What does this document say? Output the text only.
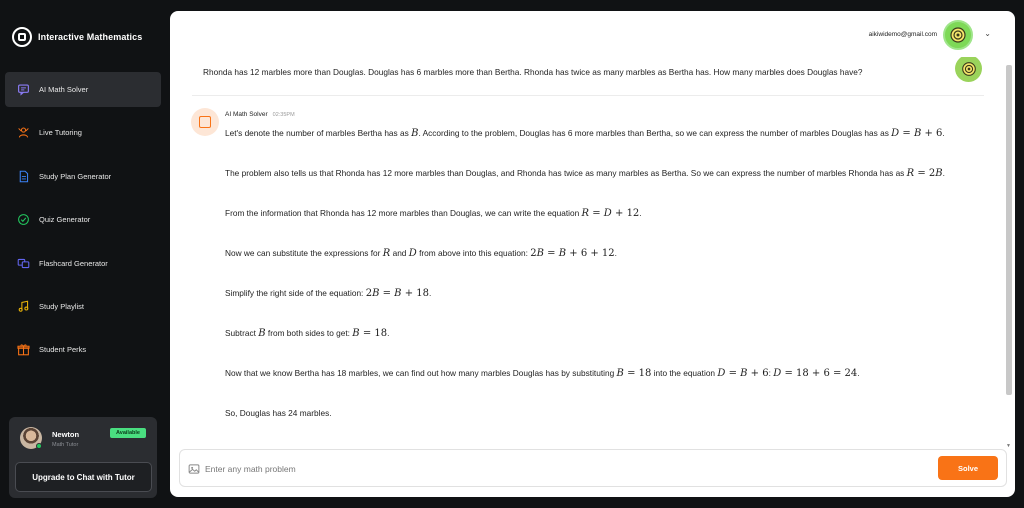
Interactive Mathematics
AI Math Solver
Live Tutoring
Study Plan Generator
Quiz Generator
Flashcard Generator
Study Playlist
Student Perks
Newton
Math Tutor
Available
Upgrade to Chat with Tutor
aikiwidemo@gmail.com	⌄
Rhonda has 12 marbles more than Douglas. Douglas has 6 marbles more than Bertha. Rhonda has twice as many marbles as Bertha has. How many marbles does Douglas have?
AI Math Solver 02:35PM

Let's denote the number of marbles Bertha has as B. According to the problem, Douglas has 6 more marbles than Bertha, so we can express the number of marbles Douglas has as D = B + 6.

The problem also tells us that Rhonda has 12 more marbles than Douglas, and Rhonda has twice as many marbles as Bertha. So we can express the number of marbles Rhonda has as R = 2B.

From the information that Rhonda has 12 more marbles than Douglas, we can write the equation R = D + 12.

Now we can substitute the expressions for R and D from above into this equation: 2B = B + 6 + 12.

Simplify the right side of the equation: 2B = B + 18.

Subtract B from both sides to get: B = 18.

Now that we know Bertha has 18 marbles, we can find out how many marbles Douglas has by substituting B = 18 into the equation D = B + 6: D = 18 + 6 = 24.

So, Douglas has 24 marbles.

▼
Enter any math problem
Solve
